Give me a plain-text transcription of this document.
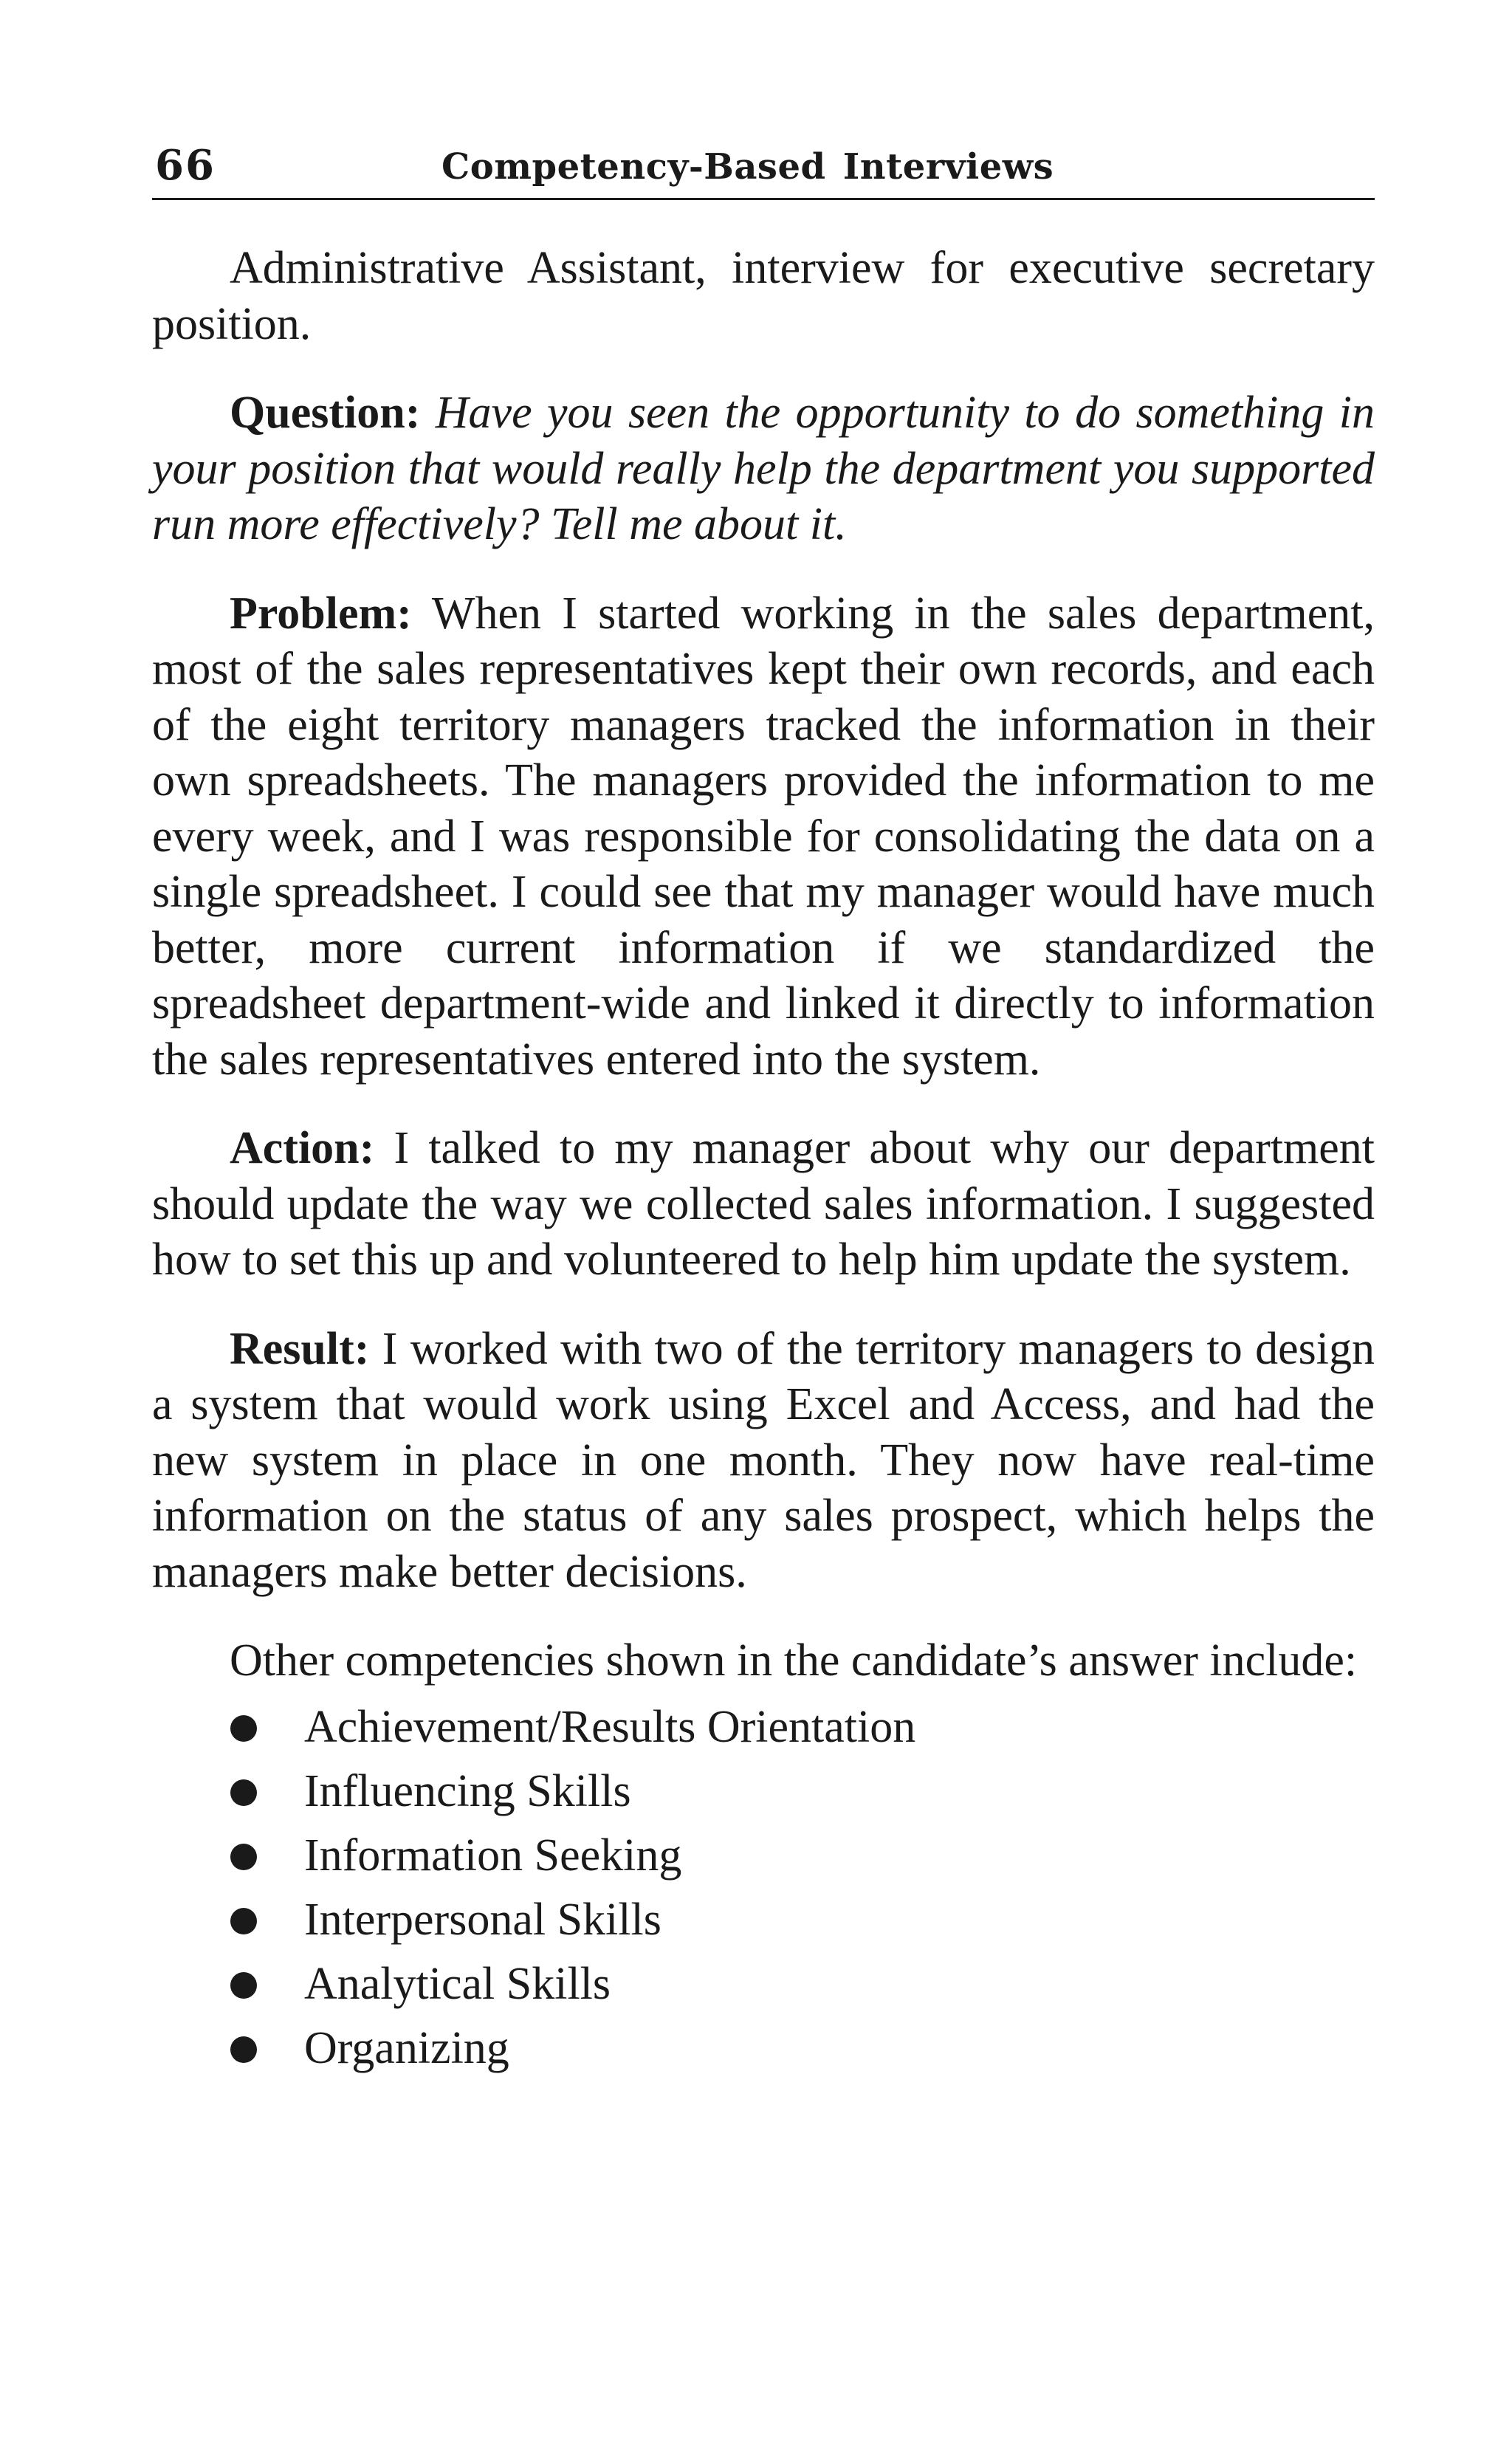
66	Competency-Based Interviews

Administrative Assistant, interview for executive secretary position.

Question: Have you seen the opportunity to do something in your position that would really help the department you supported run more effectively? Tell me about it.

Problem: When I started working in the sales department, most of the sales representatives kept their own records, and each of the eight territory managers tracked the information in their own spreadsheets. The managers provided the information to me every week, and I was responsible for consolidating the data on a single spreadsheet. I could see that my manager would have much better, more current information if we standardized the spreadsheet department-wide and linked it directly to information the sales representatives entered into the system.

Action: I talked to my manager about why our department should update the way we collected sales information. I suggested how to set this up and volunteered to help him update the system.

Result: I worked with two of the territory managers to design a system that would work using Excel and Access, and had the new system in place in one month. They now have real-time information on the status of any sales prospect, which helps the managers make better decisions.

Other competencies shown in the candidate’s answer include:

Achievement/Results Orientation
Influencing Skills
Information Seeking
Interpersonal Skills
Analytical Skills
Organizing
